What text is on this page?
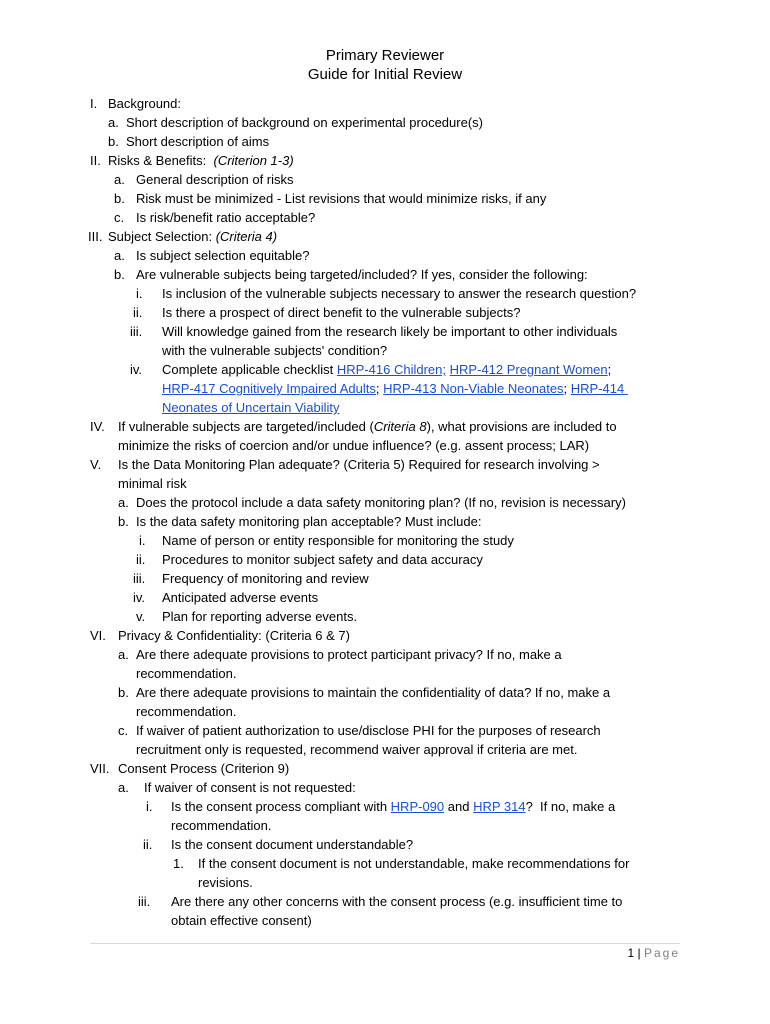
Primary Reviewer
Guide for Initial Review
I. Background:
a. Short description of background on experimental procedure(s)
b. Short description of aims
II. Risks & Benefits:  (Criterion 1-3)
a. General description of risks
b. Risk must be minimized - List revisions that would minimize risks, if any
c. Is risk/benefit ratio acceptable?
III. Subject Selection: (Criteria 4)
a. Is subject selection equitable?
b. Are vulnerable subjects being targeted/included? If yes, consider the following:
i. Is inclusion of the vulnerable subjects necessary to answer the research question?
ii. Is there a prospect of direct benefit to the vulnerable subjects?
iii. Will knowledge gained from the research likely be important to other individuals
with the vulnerable subjects' condition?
iv. Complete applicable checklist HRP-416 Children; HRP-412 Pregnant Women;
HRP-417 Cognitively Impaired Adults; HRP-413 Non-Viable Neonates; HRP-414
Neonates of Uncertain Viability
IV. If vulnerable subjects are targeted/included (Criteria 8), what provisions are included to
minimize the risks of coercion and/or undue influence? (e.g. assent process; LAR)
V. Is the Data Monitoring Plan adequate? (Criteria 5) Required for research involving >
minimal risk
a. Does the protocol include a data safety monitoring plan? (If no, revision is necessary)
b. Is the data safety monitoring plan acceptable? Must include:
i. Name of person or entity responsible for monitoring the study
ii. Procedures to monitor subject safety and data accuracy
iii. Frequency of monitoring and review
iv. Anticipated adverse events
v. Plan for reporting adverse events.
VI. Privacy & Confidentiality: (Criteria 6 & 7)
a. Are there adequate provisions to protect participant privacy? If no, make a
recommendation.
b. Are there adequate provisions to maintain the confidentiality of data? If no, make a
recommendation.
c. If waiver of patient authorization to use/disclose PHI for the purposes of research
recruitment only is requested, recommend waiver approval if criteria are met.
VII. Consent Process (Criterion 9)
a. If waiver of consent is not requested:
i. Is the consent process compliant with HRP-090 and HRP 314?  If no, make a
recommendation.
ii. Is the consent document understandable?
1. If the consent document is not understandable, make recommendations for
revisions.
iii. Are there any other concerns with the consent process (e.g. insufficient time to
obtain effective consent)
1 | Page
